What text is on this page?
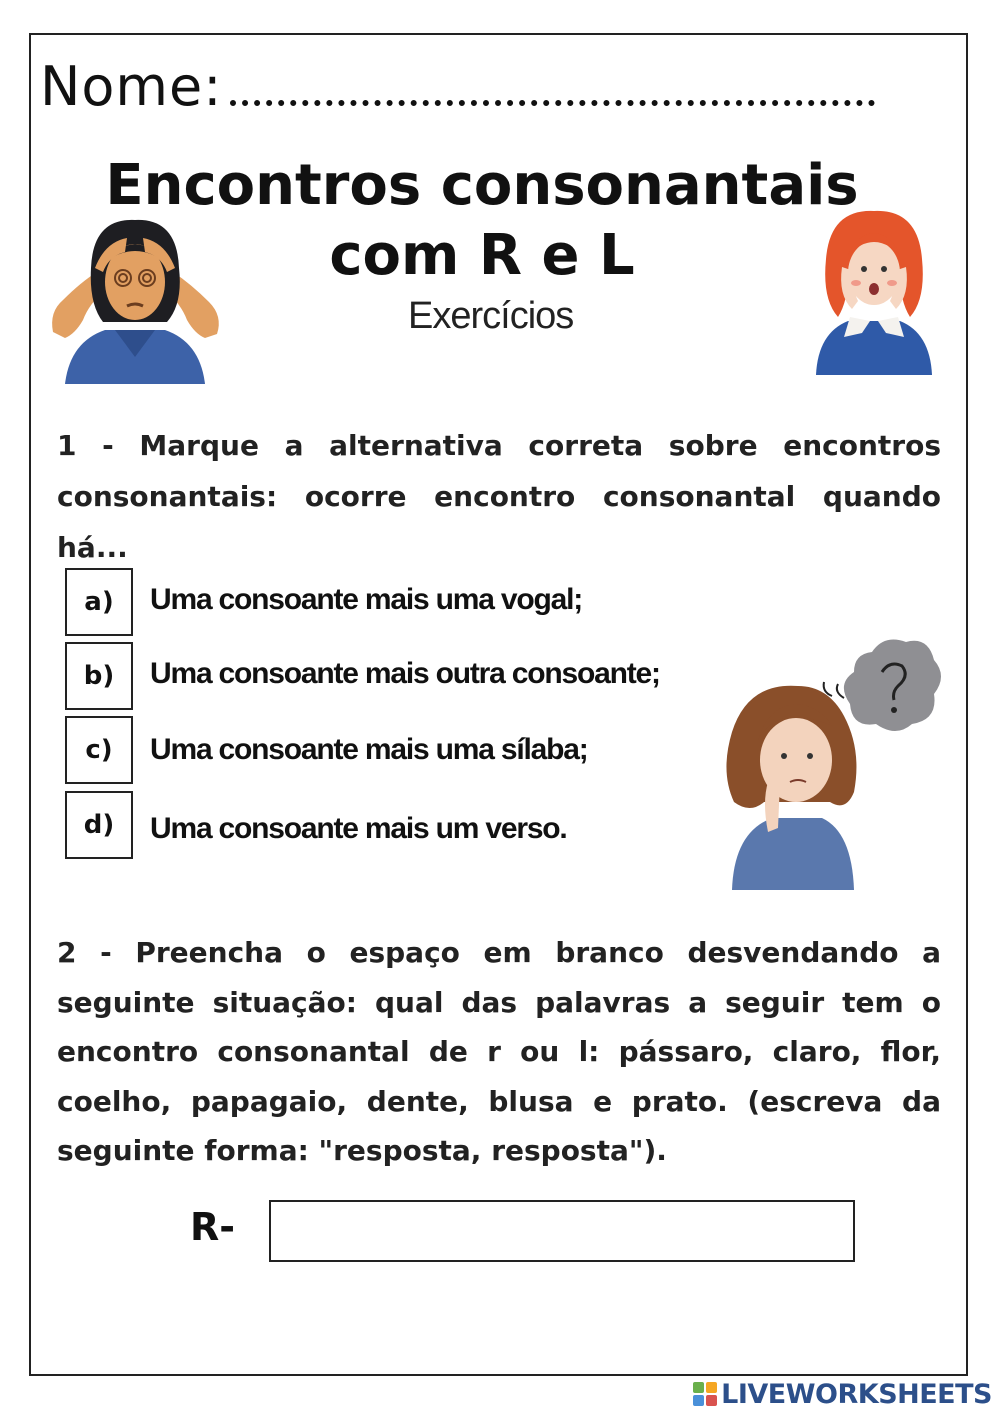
Nome:
Encontros consonantais
com R e L
Exercícios
1 - Marque a alternativa correta sobre encontros consonantais: ocorre encontro consonantal quando há...
a)	Uma consoante mais uma vogal;
b)	Uma consoante mais outra consoante;
c)	Uma consoante mais uma sílaba;
d)	Uma consoante mais um verso.
2 - Preencha o espaço em branco desvendando a seguinte situação: qual das palavras a seguir tem o encontro consonantal de r ou l: pássaro, claro, flor, coelho, papagaio, dente, blusa e prato. (escreva da seguinte forma: "resposta, resposta").
R-
LIVEWORKSHEETS
